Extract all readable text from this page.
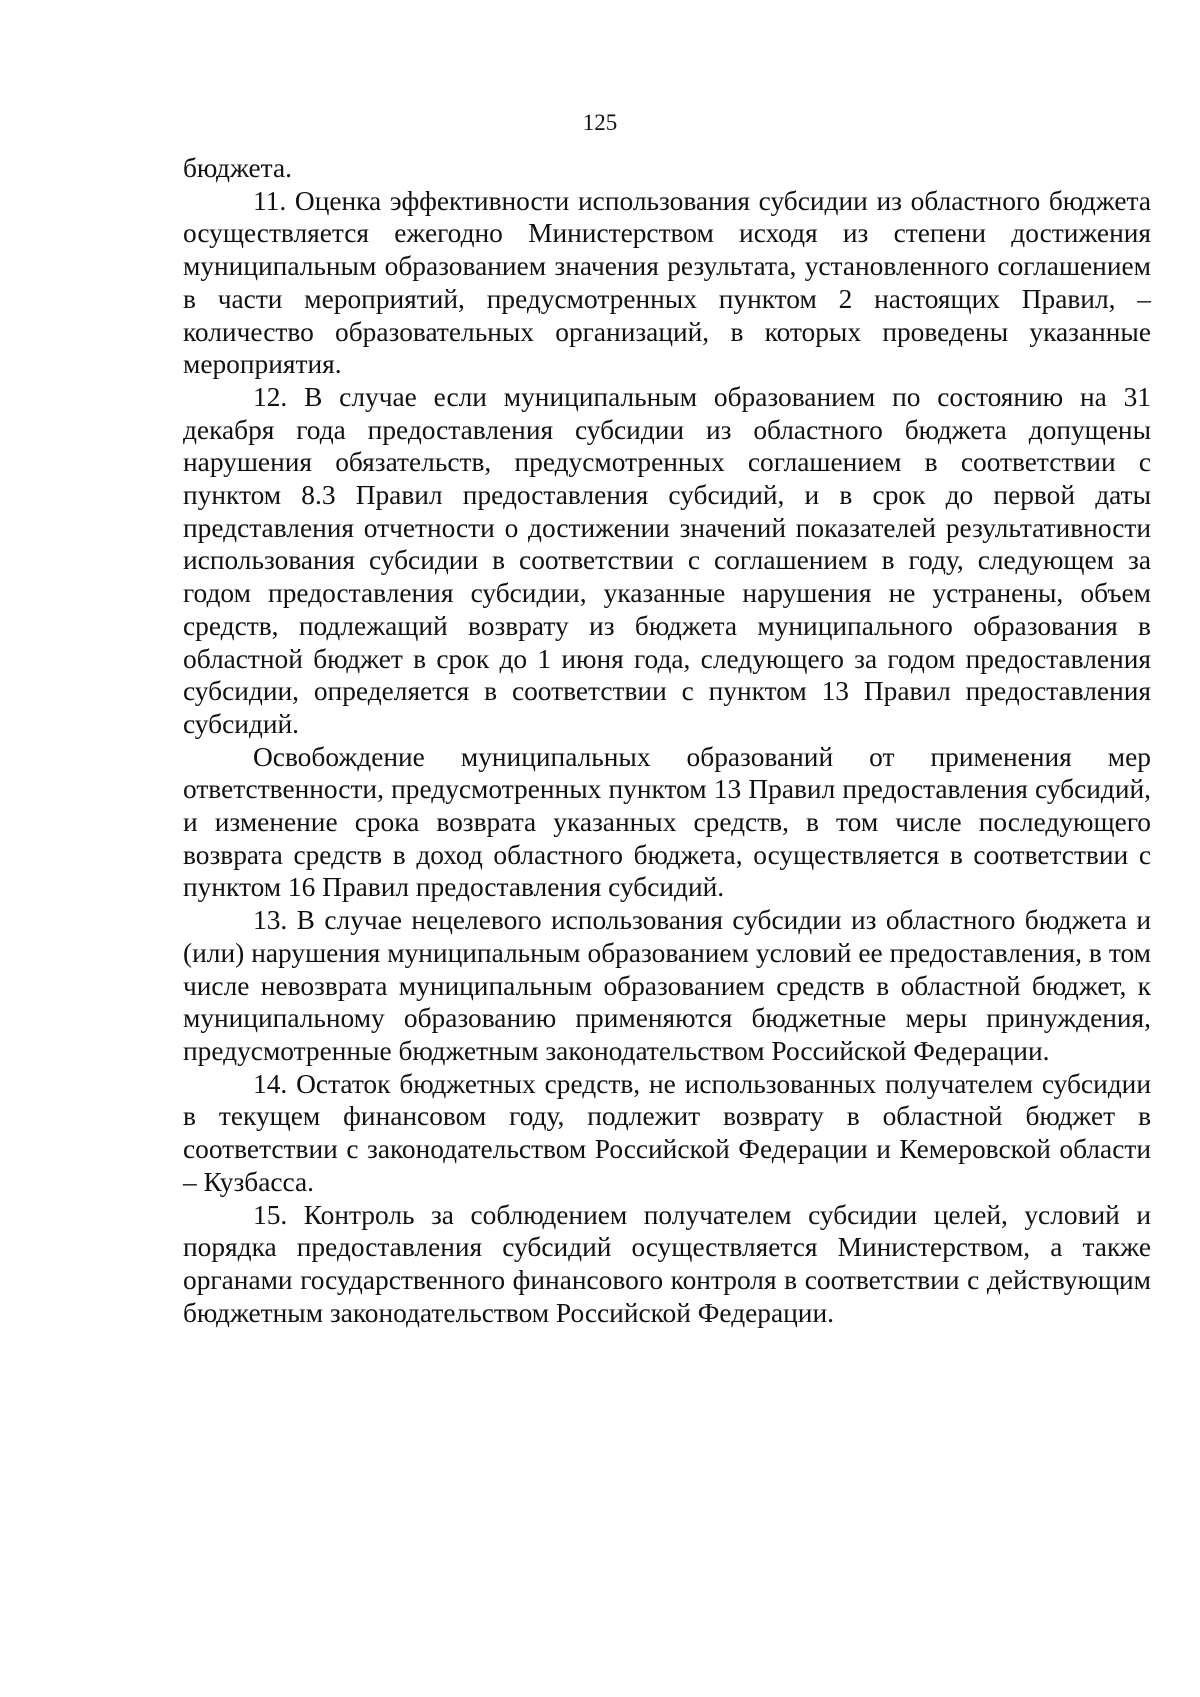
125

бюджета.

11. Оценка эффективности использования субсидии из областного бюджета осуществляется ежегодно Министерством исходя из степени достижения муниципальным образованием значения результата, установленного соглашением в части мероприятий, предусмотренных пунктом 2 настоящих Правил, – количество образовательных организаций, в которых проведены указанные мероприятия.

12. В случае если муниципальным образованием по состоянию на 31 декабря года предоставления субсидии из областного бюджета допущены нарушения обязательств, предусмотренных соглашением в соответствии с пунктом 8.3 Правил предоставления субсидий, и в срок до первой даты представления отчетности о достижении значений показателей результативности использования субсидии в соответствии с соглашением в году, следующем за годом предоставления субсидии, указанные нарушения не устранены, объем средств, подлежащий возврату из бюджета муниципального образования в областной бюджет в срок до 1 июня года, следующего за годом предоставления субсидии, определяется в соответствии с пунктом 13 Правил предоставления субсидий.

Освобождение муниципальных образований от применения мер ответственности, предусмотренных пунктом 13 Правил предоставления субсидий, и изменение срока возврата указанных средств, в том числе последующего возврата средств в доход областного бюджета, осуществляется в соответствии с пунктом 16 Правил предоставления субсидий.

13. В случае нецелевого использования субсидии из областного бюджета и (или) нарушения муниципальным образованием условий ее предоставления, в том числе невозврата муниципальным образованием средств в областной бюджет, к муниципальному образованию применяются бюджетные меры принуждения, предусмотренные бюджетным законодательством Российской Федерации.

14. Остаток бюджетных средств, не использованных получателем субсидии в текущем финансовом году, подлежит возврату в областной бюджет в соответствии с законодательством Российской Федерации и Кемеровской области – Кузбасса.

15. Контроль за соблюдением получателем субсидии целей, условий и порядка предоставления субсидий осуществляется Министерством, а также органами государственного финансового контроля в соответствии с действующим бюджетным законодательством Российской Федерации.
